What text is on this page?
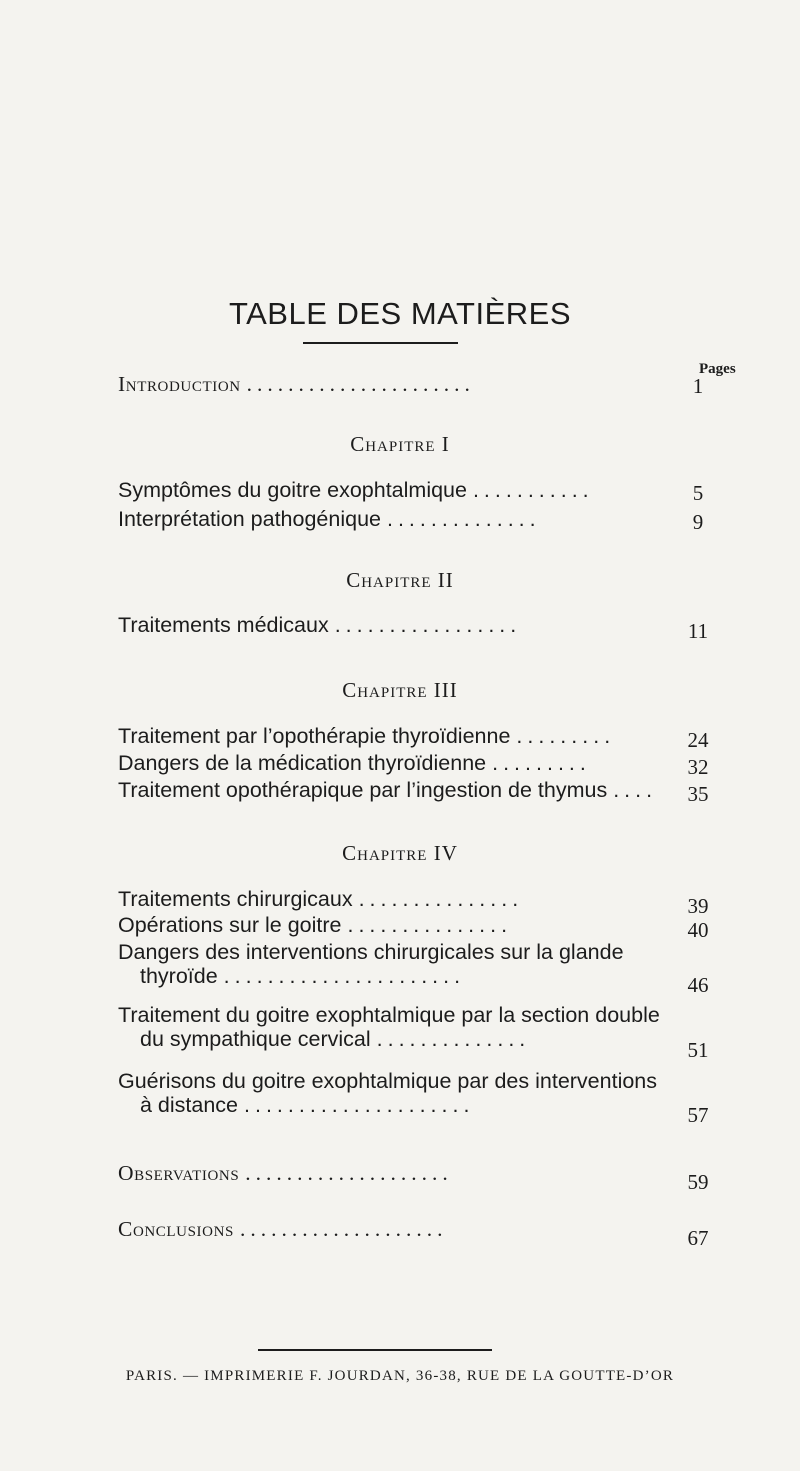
TABLE DES MATIÈRES
Pages
Introduction ......................	1
Chapitre I
Symptômes du goitre exophtalmique ...........	5
Interprétation pathogénique ..............	9
Chapitre II
Traitements médicaux .................	11
Chapitre III
Traitement par l’opothérapie thyroïdienne .........	24
Dangers de la médication thyroïdienne .........	32
Traitement opothérapique par l’ingestion de thymus ....	35
Chapitre IV
Traitements chirurgicaux ...............	39
Opérations sur le goitre ...............	40
Dangers des interventions chirurgicales sur la glande
thyroïde ......................	46
Traitement du goitre exophtalmique par la section double
du sympathique cervical ..............	51
Guérisons du goitre exophtalmique par des interventions
à distance .....................	57
Observations ....................	59
Conclusions ....................	67
PARIS. — IMPRIMERIE F. JOURDAN, 36-38, RUE DE LA GOUTTE-D’OR
